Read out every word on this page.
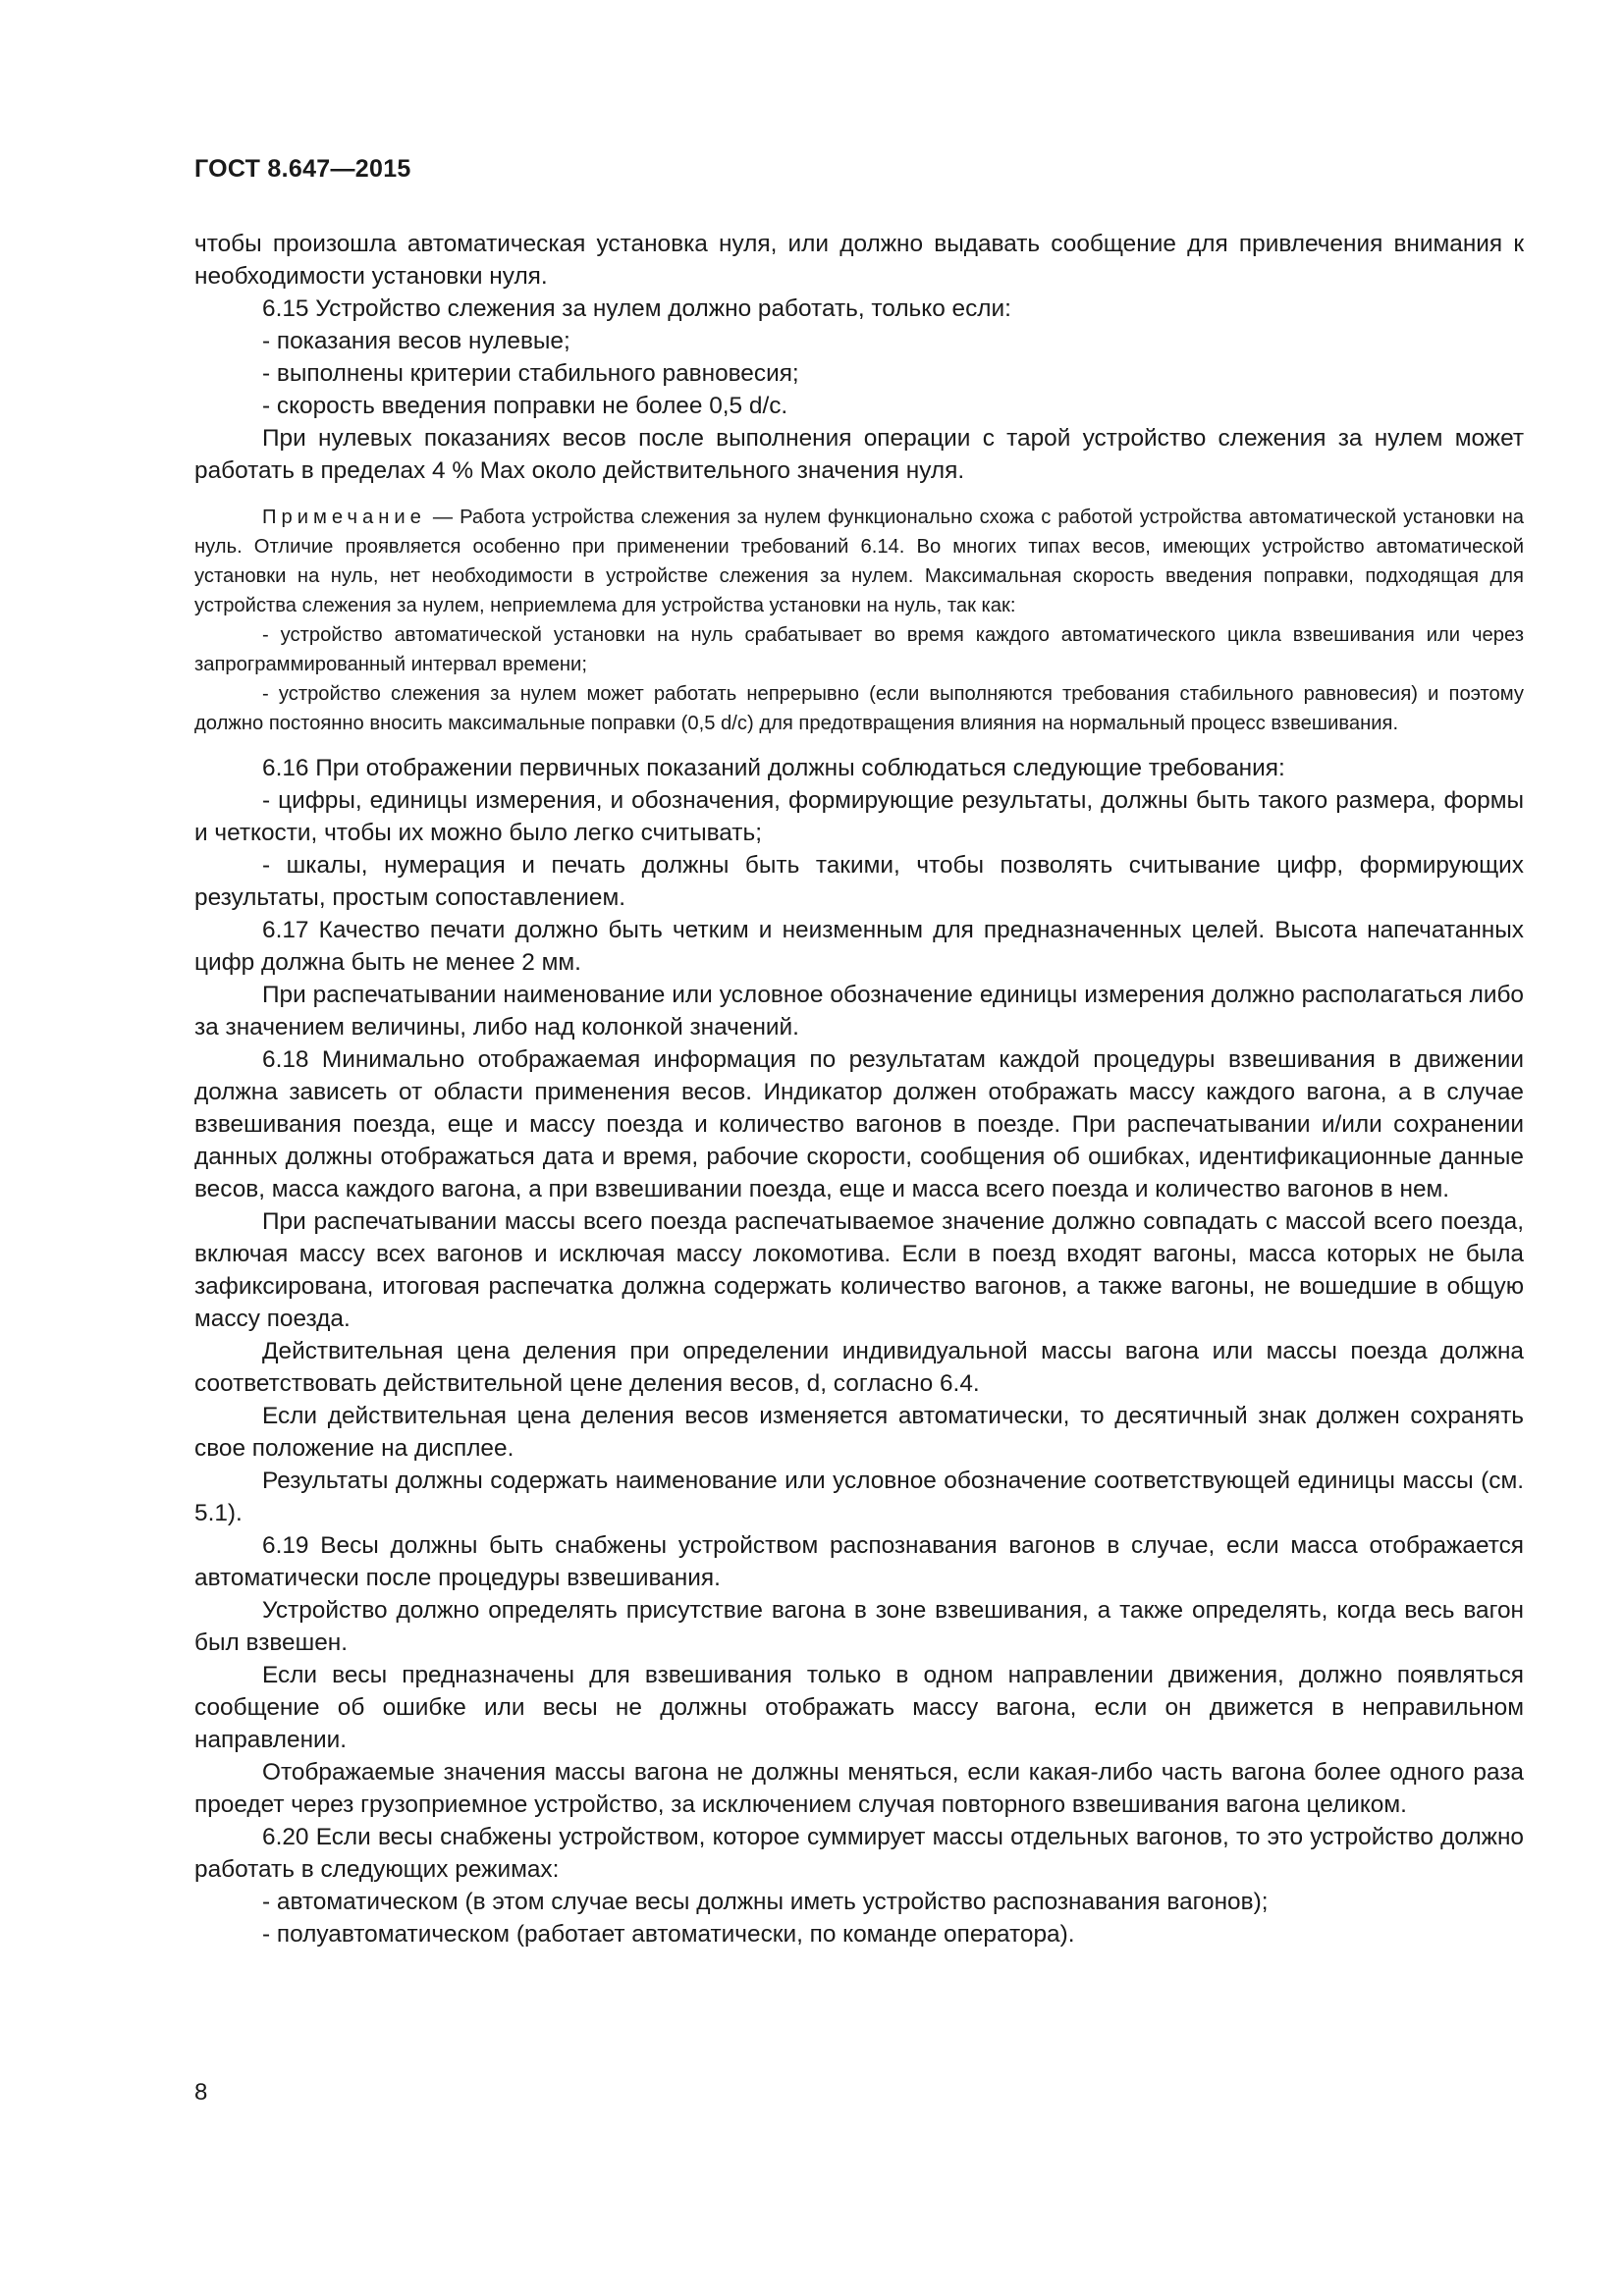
ГОСТ 8.647—2015

чтобы произошла автоматическая установка нуля, или должно выдавать сообщение для привлечения внимания к необходимости установки нуля.

6.15 Устройство слежения за нулем должно работать, только если:

- показания весов нулевые;

- выполнены критерии стабильного равновесия;

- скорость введения поправки не более 0,5 d/c.

При нулевых показаниях весов после выполнения операции с тарой устройство слежения за нулем может работать в пределах 4 % Max около действительного значения нуля.

Примечание — Работа устройства слежения за нулем функционально схожа с работой устройства автоматической установки на нуль. Отличие проявляется особенно при применении требований 6.14. Во многих типах весов, имеющих устройство автоматической установки на нуль, нет необходимости в устройстве слежения за нулем. Максимальная скорость введения поправки, подходящая для устройства слежения за нулем, неприемлема для устройства установки на нуль, так как:

- устройство автоматической установки на нуль срабатывает во время каждого автоматического цикла взвешивания или через запрограммированный интервал времени;

- устройство слежения за нулем может работать непрерывно (если выполняются требования стабильного равновесия) и поэтому должно постоянно вносить максимальные поправки (0,5 d/c) для предотвращения влияния на нормальный процесс взвешивания.

6.16 При отображении первичных показаний должны соблюдаться следующие требования:

- цифры, единицы измерения, и обозначения, формирующие результаты, должны быть такого размера, формы и четкости, чтобы их можно было легко считывать;

- шкалы, нумерация и печать должны быть такими, чтобы позволять считывание цифр, формирующих результаты, простым сопоставлением.

6.17 Качество печати должно быть четким и неизменным для предназначенных целей. Высота напечатанных цифр должна быть не менее 2 мм.

При распечатывании наименование или условное обозначение единицы измерения должно располагаться либо за значением величины, либо над колонкой значений.

6.18 Минимально отображаемая информация по результатам каждой процедуры взвешивания в движении должна зависеть от области применения весов. Индикатор должен отображать массу каждого вагона, а в случае взвешивания поезда, еще и массу поезда и количество вагонов в поезде. При распечатывании и/или сохранении данных должны отображаться дата и время, рабочие скорости, сообщения об ошибках, идентификационные данные весов, масса каждого вагона, а при взвешивании поезда, еще и масса всего поезда и количество вагонов в нем.

При распечатывании массы всего поезда распечатываемое значение должно совпадать с массой всего поезда, включая массу всех вагонов и исключая массу локомотива. Если в поезд входят вагоны, масса которых не была зафиксирована, итоговая распечатка должна содержать количество вагонов, а также вагоны, не вошедшие в общую массу поезда.

Действительная цена деления при определении индивидуальной массы вагона или массы поезда должна соответствовать действительной цене деления весов, d, согласно 6.4.

Если действительная цена деления весов изменяется автоматически, то десятичный знак должен сохранять свое положение на дисплее.

Результаты должны содержать наименование или условное обозначение соответствующей единицы массы (см. 5.1).

6.19 Весы должны быть снабжены устройством распознавания вагонов в случае, если масса отображается автоматически после процедуры взвешивания.

Устройство должно определять присутствие вагона в зоне взвешивания, а также определять, когда весь вагон был взвешен.

Если весы предназначены для взвешивания только в одном направлении движения, должно появляться сообщение об ошибке или весы не должны отображать массу вагона, если он движется в неправильном направлении.

Отображаемые значения массы вагона не должны меняться, если какая-либо часть вагона более одного раза проедет через грузоприемное устройство, за исключением случая повторного взвешивания вагона целиком.

6.20 Если весы снабжены устройством, которое суммирует массы отдельных вагонов, то это устройство должно работать в следующих режимах:

- автоматическом (в этом случае весы должны иметь устройство распознавания вагонов);

- полуавтоматическом (работает автоматически, по команде оператора).

8
